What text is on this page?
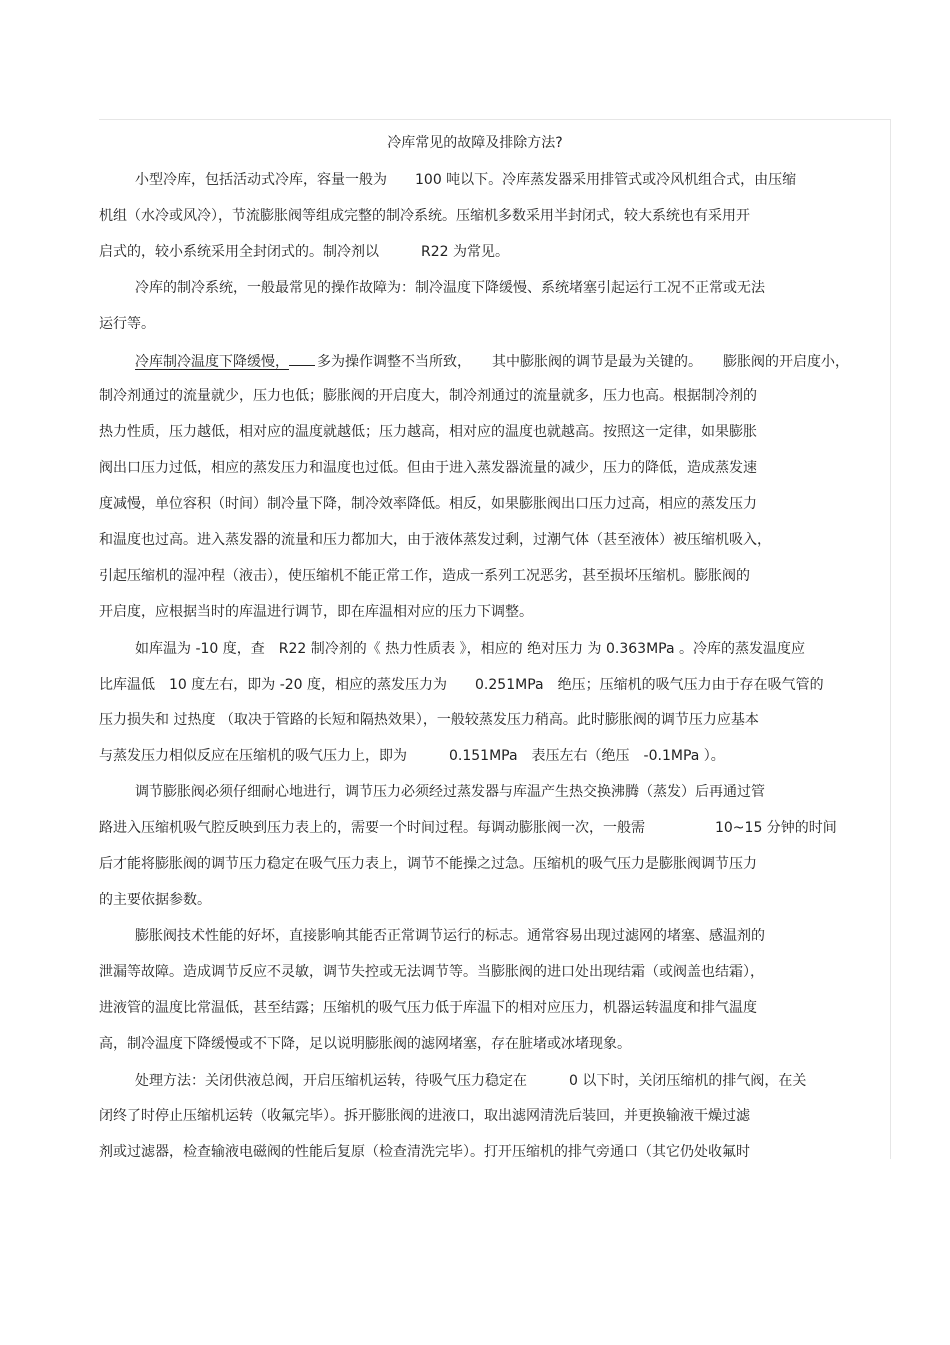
冷库常见的故障及排除方法?
小型冷库，包括活动式冷库，容量一般为　　100 吨以下。冷库蒸发器采用排管式或冷风机组合式，由压缩
机组（水冷或风冷），节流膨胀阀等组成完整的制冷系统。压缩机多数采用半封闭式，较大系统也有采用开
启式的，较小系统采用全封闭式的。制冷剂以　　　R22 为常见。
冷库的制冷系统，一般最常见的操作故障为：制冷温度下降缓慢、系统堵塞引起运行工况不正常或无法
运行等。
冷库制冷温度下降缓慢， 多为操作调整不当所致，　　其中膨胀阀的调节是最为关键的。　　膨胀阀的开启度小，
制冷剂通过的流量就少，压力也低；膨胀阀的开启度大，制冷剂通过的流量就多，压力也高。根据制冷剂的
热力性质，压力越低，相对应的温度就越低；压力越高，相对应的温度也就越高。按照这一定律，如果膨胀
阀出口压力过低，相应的蒸发压力和温度也过低。但由于进入蒸发器流量的减少，压力的降低，造成蒸发速
度减慢，单位容积（时间）制冷量下降，制冷效率降低。相反，如果膨胀阀出口压力过高，相应的蒸发压力
和温度也过高。进入蒸发器的流量和压力都加大，由于液体蒸发过剩，过潮气体（甚至液体）被压缩机吸入，
引起压缩机的湿冲程（液击），使压缩机不能正常工作，造成一系列工况恶劣，甚至损坏压缩机。膨胀阀的
开启度，应根据当时的库温进行调节，即在库温相对应的压力下调整。
如库温为 -10 度，查　R22 制冷剂的《 热力性质表 》，相应的 绝对压力 为 0.363MPa 。冷库的蒸发温度应
比库温低　10 度左右，即为 -20 度，相应的蒸发压力为　　0.251MPa　绝压；压缩机的吸气压力由于存在吸气管的
压力损失和 过热度 （取决于管路的长短和隔热效果），一般较蒸发压力稍高。此时膨胀阀的调节压力应基本
与蒸发压力相似反应在压缩机的吸气压力上，即为　　　0.151MPa　表压左右（绝压　-0.1MPa ）。
调节膨胀阀必须仔细耐心地进行，调节压力必须经过蒸发器与库温产生热交换沸腾（蒸发）后再通过管
路进入压缩机吸气腔反映到压力表上的，需要一个时间过程。每调动膨胀阀一次，一般需　　　　　10~15 分钟的时间
后才能将膨胀阀的调节压力稳定在吸气压力表上，调节不能操之过急。压缩机的吸气压力是膨胀阀调节压力
的主要依据参数。
膨胀阀技术性能的好坏，直接影响其能否正常调节运行的标志。通常容易出现过滤网的堵塞、感温剂的
泄漏等故障。造成调节反应不灵敏，调节失控或无法调节等。当膨胀阀的进口处出现结霜（或阀盖也结霜），
进液管的温度比常温低，甚至结露；压缩机的吸气压力低于库温下的相对应压力，机器运转温度和排气温度
高，制冷温度下降缓慢或不下降，足以说明膨胀阀的滤网堵塞，存在脏堵或冰堵现象。
处理方法：关闭供液总阀，开启压缩机运转，待吸气压力稳定在　　　0 以下时，关闭压缩机的排气阀，在关
闭终了时停止压缩机运转（收氟完毕）。拆开膨胀阀的进液口，取出滤网清洗后装回，并更换输液干燥过滤
剂或过滤器，检查输液电磁阀的性能后复原（检查清洗完毕）。打开压缩机的排气旁通口（其它仍处收氟时
